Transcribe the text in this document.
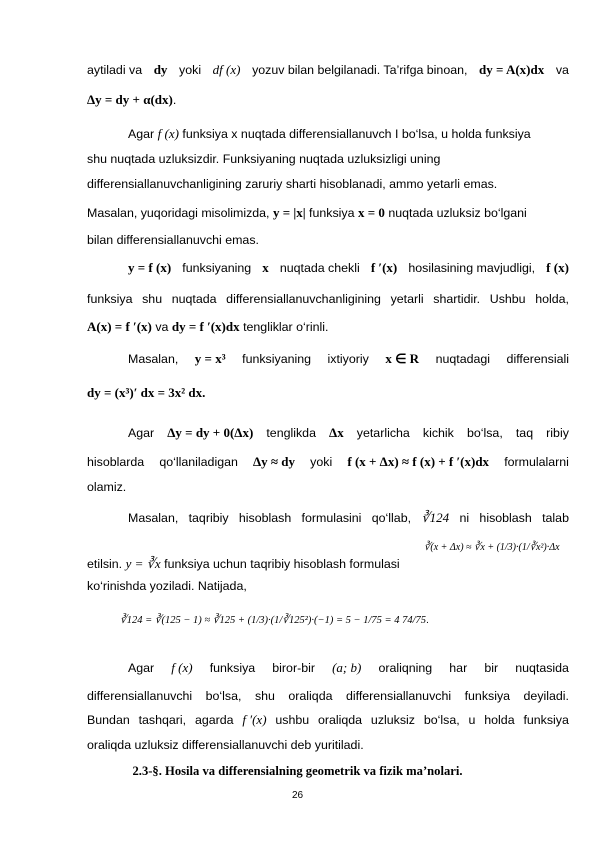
aytiladi va dy yoki df (x) yozuv bilan belgilanadi. Ta’rifga binoan, dy = A(x)dx va
Δy = dy + α(dx).
Agar f (x) funksiya x nuqtada differensiallanuvch I bo‘lsa, u holda funksiya
shu nuqtada uzluksizdir. Funksiyaning nuqtada uzluksizligi uning
differensiallanuvchanligining zaruriy sharti hisoblanadi, ammo yetarli emas.
Masalan, yuqoridagi misolimizda, y = |x| funksiya x = 0 nuqtada uzluksiz bo‘lgani
bilan differensiallanuvchi emas.
y = f (x) funksiyaning x nuqtada chekli f ′(x) hosilasining mavjudligi, f (x)
funksiya shu nuqtada differensiallanuvchanligining yetarli shartidir. Ushbu holda,
A(x) = f ′(x) va dy = f ′(x)dx tengliklar o‘rinli.
Masalan, y = x³ funksiyaning ixtiyoriy x ∈ R nuqtadagi differensiali
dy = (x³)′ dx = 3x² dx.
Agar Δy = dy + 0(Δx) tenglikda Δx yetarlicha kichik bo‘lsa, taq ribiy
hisoblarda qo‘llaniladigan Δy ≈ dy yoki f (x + Δx) ≈ f (x) + f ′(x)dx formulalarni
olamiz.
Masalan, taqribiy hisoblash formulasini qo‘llab, ∛124 ni hisoblash talab
etilsin. y = ∛x funksiya uchun taqribiy hisoblash formulasi
∛(x + Δx) ≈ ∛x + (1/3)·(1/∛x²)·Δx
ko‘rinishda yoziladi. Natijada,
∛124 = ∛(125 − 1) ≈ ∛125 + (1/3)·(1/∛125²)·(−1) = 5 − 1/75 = 4 74/75.
Agar f (x) funksiya biror-bir (a; b) oraliqning har bir nuqtasida
differensiallanuvchi bo‘lsa, shu oraliqda differensiallanuvchi funksiya deyiladi.
Bundan tashqari, agarda f ′(x) ushbu oraliqda uzluksiz bo‘lsa, u holda funksiya
oraliqda uzluksiz differensiallanuvchi deb yuritiladi.
2.3-§. Hosila va differensialning geometrik va fizik ma’nolari.
26
